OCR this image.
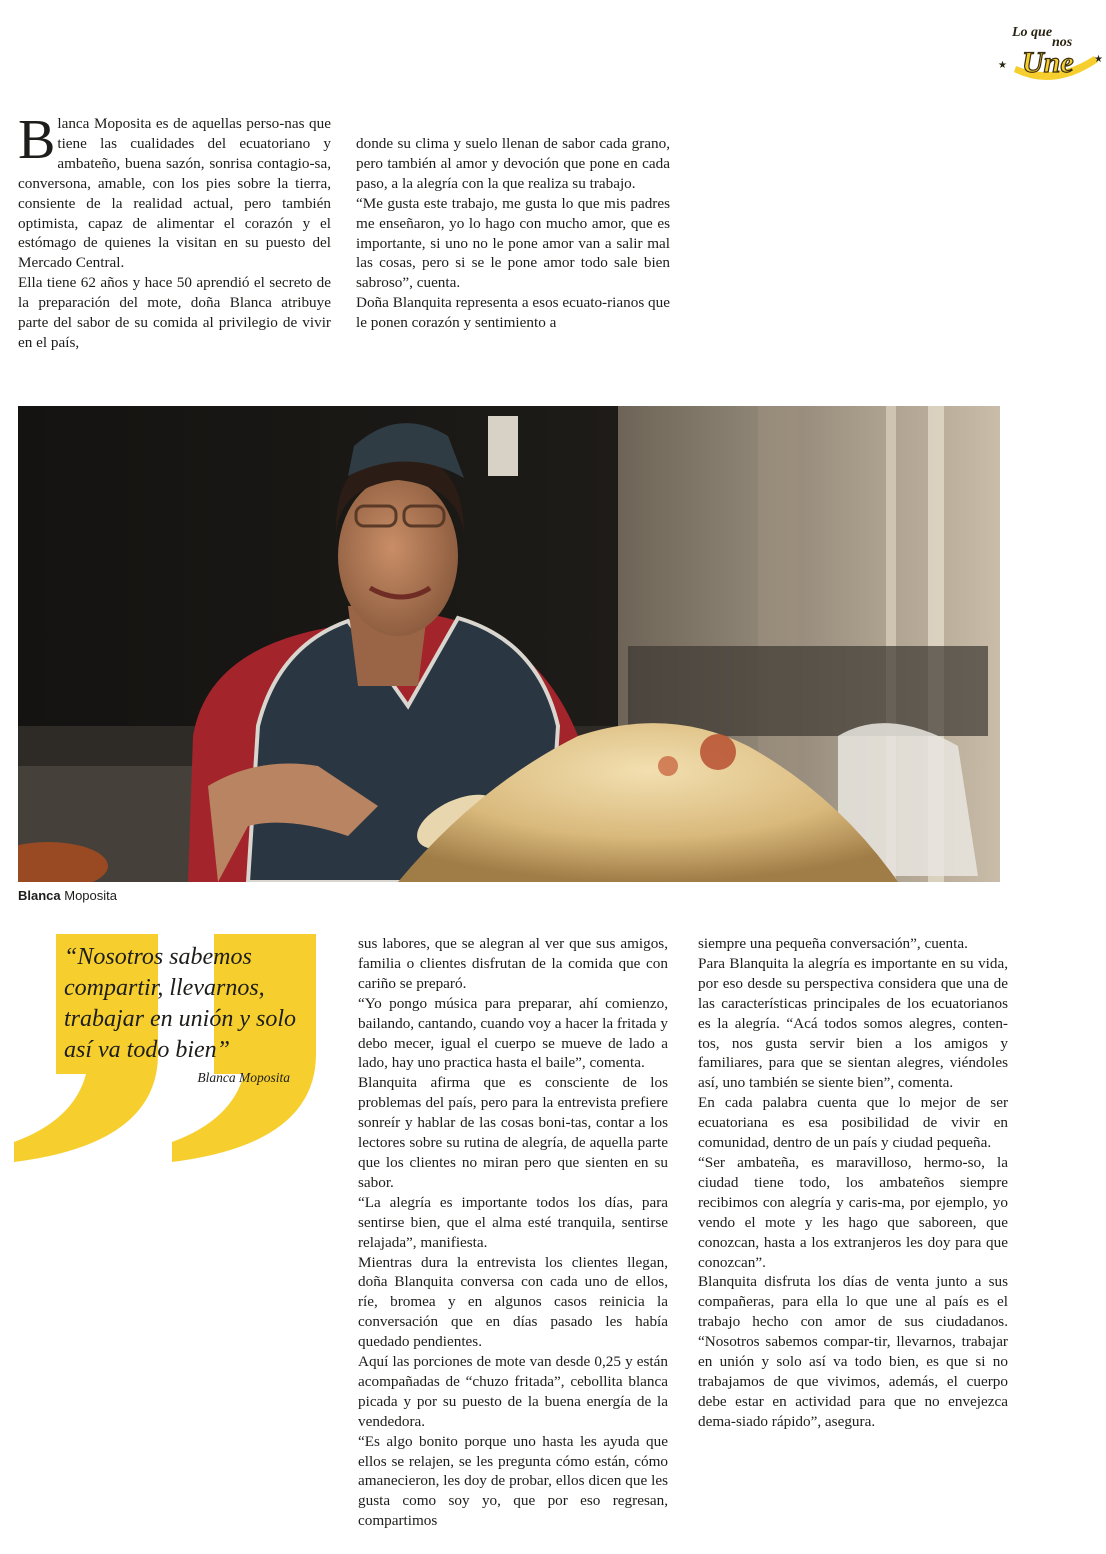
Lo que
nos
Une
★
★

Blanca Moposita es de aquellas perso-nas que tiene las cualidades del ecuatoriano y ambateño, buena sazón, sonrisa contagio-sa, conversona, amable, con los pies sobre la tierra, consiente de la realidad actual, pero también optimista, capaz de alimentar el corazón y el estómago de quienes la visitan en su puesto del Mercado Central.

Ella tiene 62 años y hace 50 aprendió el secreto de la preparación del mote, doña Blanca atribuye parte del sabor de su comida al privilegio de vivir en el país,

donde su clima y suelo llenan de sabor cada grano, pero también al amor y devoción que pone en cada paso, a la alegría con la que realiza su trabajo.

“Me gusta este trabajo, me gusta lo que mis padres me enseñaron, yo lo hago con mucho amor, que es importante, si uno no le pone amor van a salir mal las cosas, pero si se le pone amor todo sale bien sabroso”, cuenta.

Doña Blanquita representa a esos ecuato-rianos que le ponen corazón y sentimiento a

Blanca Moposita
“Nosotros sabemos compartir, llevarnos, trabajar en unión y solo así va todo bien”
Blanca Moposita

sus labores, que se alegran al ver que sus amigos, familia o clientes disfrutan de la comida que con cariño se preparó.

“Yo pongo música para preparar, ahí comienzo, bailando, cantando, cuando voy a hacer la fritada y debo mecer, igual el cuerpo se mueve de lado a lado, hay uno practica hasta el baile”, comenta.

Blanquita afirma que es consciente de los problemas del país, pero para la entrevista prefiere sonreír y hablar de las cosas boni-tas, contar a los lectores sobre su rutina de alegría, de aquella parte que los clientes no miran pero que sienten en su sabor.

“La alegría es importante todos los días, para sentirse bien, que el alma esté tranquila, sentirse relajada”, manifiesta.

Mientras dura la entrevista los clientes llegan, doña Blanquita conversa con cada uno de ellos, ríe, bromea y en algunos casos reinicia la conversación que en días pasado les había quedado pendientes.

Aquí las porciones de mote van desde 0,25 y están acompañadas de “chuzo fritada”, cebollita blanca picada y por su puesto de la buena energía de la vendedora.

“Es algo bonito porque uno hasta les ayuda que ellos se relajen, se les pregunta cómo están, cómo amanecieron, les doy de probar, ellos dicen que les gusta como soy yo, que por eso regresan, compartimos

siempre una pequeña conversación”, cuenta.

Para Blanquita la alegría es importante en su vida, por eso desde su perspectiva considera que una de las características principales de los ecuatorianos es la alegría. “Acá todos somos alegres, conten-tos, nos gusta servir bien a los amigos y familiares, para que se sientan alegres, viéndoles así, uno también se siente bien”, comenta.

En cada palabra cuenta que lo mejor de ser ecuatoriana es esa posibilidad de vivir en comunidad, dentro de un país y ciudad pequeña.

“Ser ambateña, es maravilloso, hermo-so, la ciudad tiene todo, los ambateños siempre recibimos con alegría y caris-ma, por ejemplo, yo vendo el mote y les hago que saboreen, que conozcan, hasta a los extranjeros les doy para que conozcan”.

Blanquita disfruta los días de venta junto a sus compañeras, para ella lo que une al país es el trabajo hecho con amor de sus ciudadanos. “Nosotros sabemos compar-tir, llevarnos, trabajar en unión y solo así va todo bien, es que si no trabajamos de que vivimos, además, el cuerpo debe estar en actividad para que no envejezca dema-siado rápido”, asegura.
